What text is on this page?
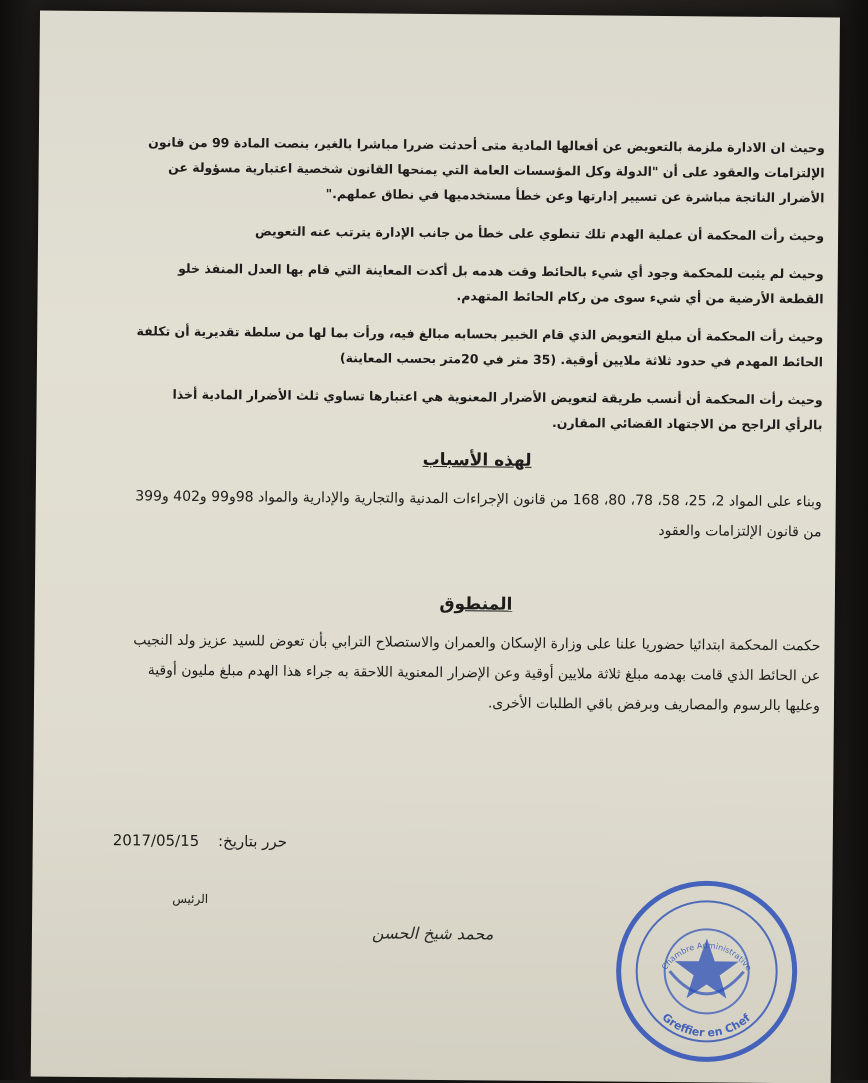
وحيث ان الادارة ملزمة بالتعويض عن أفعالها المادية متى أحدثت ضررا مباشرا بالغير، بنصت المادة 99 من قانون الإلتزامات والعقود على أن "الدولة وكل المؤسسات العامة التي يمنحها القانون شخصية اعتبارية مسؤولة عن الأضرار الناتجة مباشرة عن تسيير إدارتها وعن خطأ مستخدميها في نطاق عملهم."

وحيث رأت المحكمة أن عملية الهدم تلك تنطوي على خطأ من جانب الإدارة يترتب عنه التعويض

وحيث لم يثبت للمحكمة وجود أي شيء بالحائط وقت هدمه بل أكدت المعاينة التي قام بها العدل المنفذ خلو القطعة الأرضية من أي شيء سوى من ركام الحائط المتهدم.

وحيث رأت المحكمة أن مبلغ التعويض الذي قام الخبير بحسابه مبالغ فيه، ورأت بما لها من سلطة تقديرية أن تكلفة الحائط المهدم في حدود ثلاثة ملايين أوقية. (35 متر في 20متر بحسب المعاينة)

وحيث رأت المحكمة أن أنسب طريقة لتعويض الأضرار المعنوية هي اعتبارها تساوي ثلث الأضرار المادية أخذا بالرأي الراجح من الاجتهاد القضائي المقارن.

لهذه الأسباب

وبناء على المواد 2، 25، 58، 78، 80، 168 من قانون الإجراءات المدنية والتجارية والإدارية والمواد 98و99 و402 و399 من قانون الإلتزامات والعقود

المنطوق

حكمت المحكمة ابتدائيا حضوريا علنا على وزارة الإسكان والعمران والاستصلاح الترابي بأن تعوض للسيد عزيز ولد النجيب عن الحائط الذي قامت بهدمه مبلغ ثلاثة ملايين أوقية وعن الإضرار المعنوية اللاحقة به جراء هذا الهدم مبلغ مليون أوقية وعليها بالرسوم والمصاريف وبرفض باقي الطلبات الأخرى.

حرر بتاريخ: 2017/05/15
الرئيس
محمد شيخ الحسن
Greffier en Chef
Chambre Administrative
